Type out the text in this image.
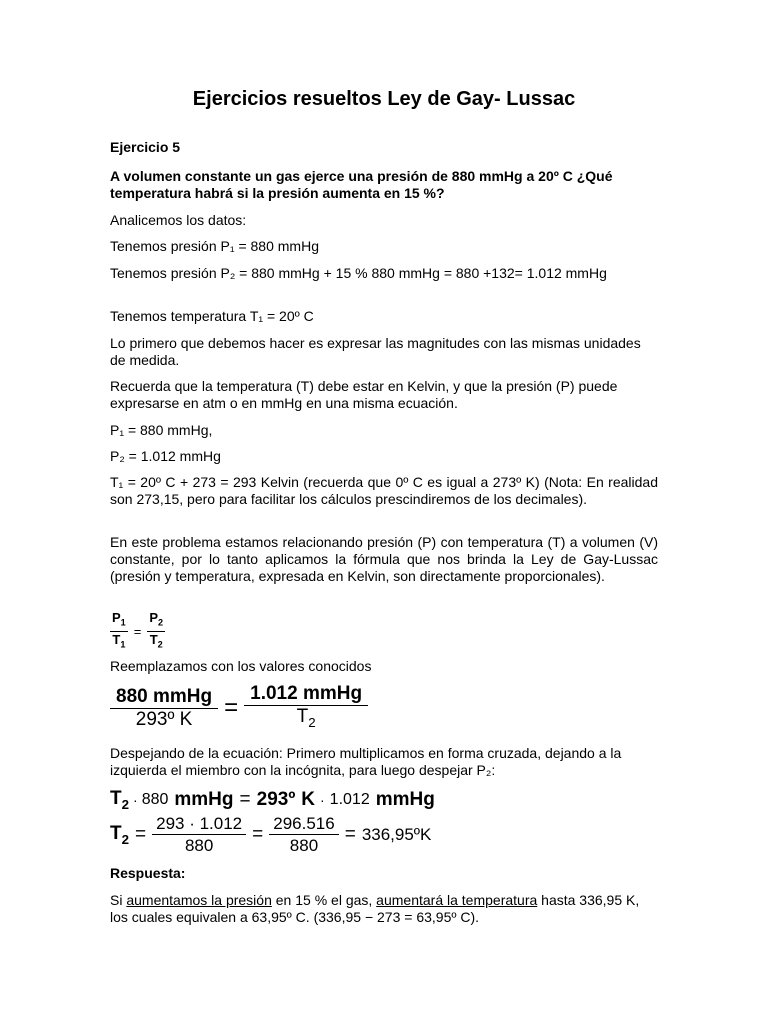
Ejercicios resueltos Ley de Gay- Lussac

Ejercicio 5

A volumen constante un gas ejerce una presión de 880 mmHg a 20º C ¿Qué temperatura habrá si la presión aumenta en 15 %?

Analicemos los datos:

Tenemos presión P₁ = 880 mmHg

Tenemos presión P₂ = 880 mmHg + 15 % 880 mmHg = 880 +132= 1.012 mmHg

Tenemos temperatura T₁ = 20º C

Lo primero que debemos hacer es expresar las magnitudes con las mismas unidades de medida.

Recuerda que la temperatura (T) debe estar en Kelvin, y que la presión (P) puede expresarse en atm o en mmHg en una misma ecuación.

P₁ = 880 mmHg,

P₂ = 1.012 mmHg

T₁ = 20º C + 273 = 293 Kelvin (recuerda que 0º C es igual a 273º K) (Nota: En realidad son 273,15, pero para facilitar los cálculos prescindiremos de los decimales).

En este problema estamos relacionando presión (P) con temperatura (T) a volumen (V) constante, por lo tanto aplicamos la fórmula que nos brinda la Ley de Gay-Lussac (presión y temperatura, expresada en Kelvin, son directamente proporcionales).

$P_1$
$T_1$
=
$P_2$
$T_2$

Reemplazamos con los valores conocidos

880 mmHg
293º K =
1.012 mmHg
$T_2$

Despejando de la ecuación: Primero multiplicamos en forma cruzada, dejando a la izquierda el miembro con la incógnita, para luego despejar P₂:

$T_2 \cdot 880$ mmHg = 293º K · 1.012 mmHg
$T_2 = 293 \cdot 1.012$
880
= 296.516
880
= 336,95ºK

Respuesta:

Si aumentamos la presión en 15 % el gas, aumentará la temperatura hasta 336,95 K, los cuales equivalen a 63,95º C. (336,95 − 273 = 63,95º C).
